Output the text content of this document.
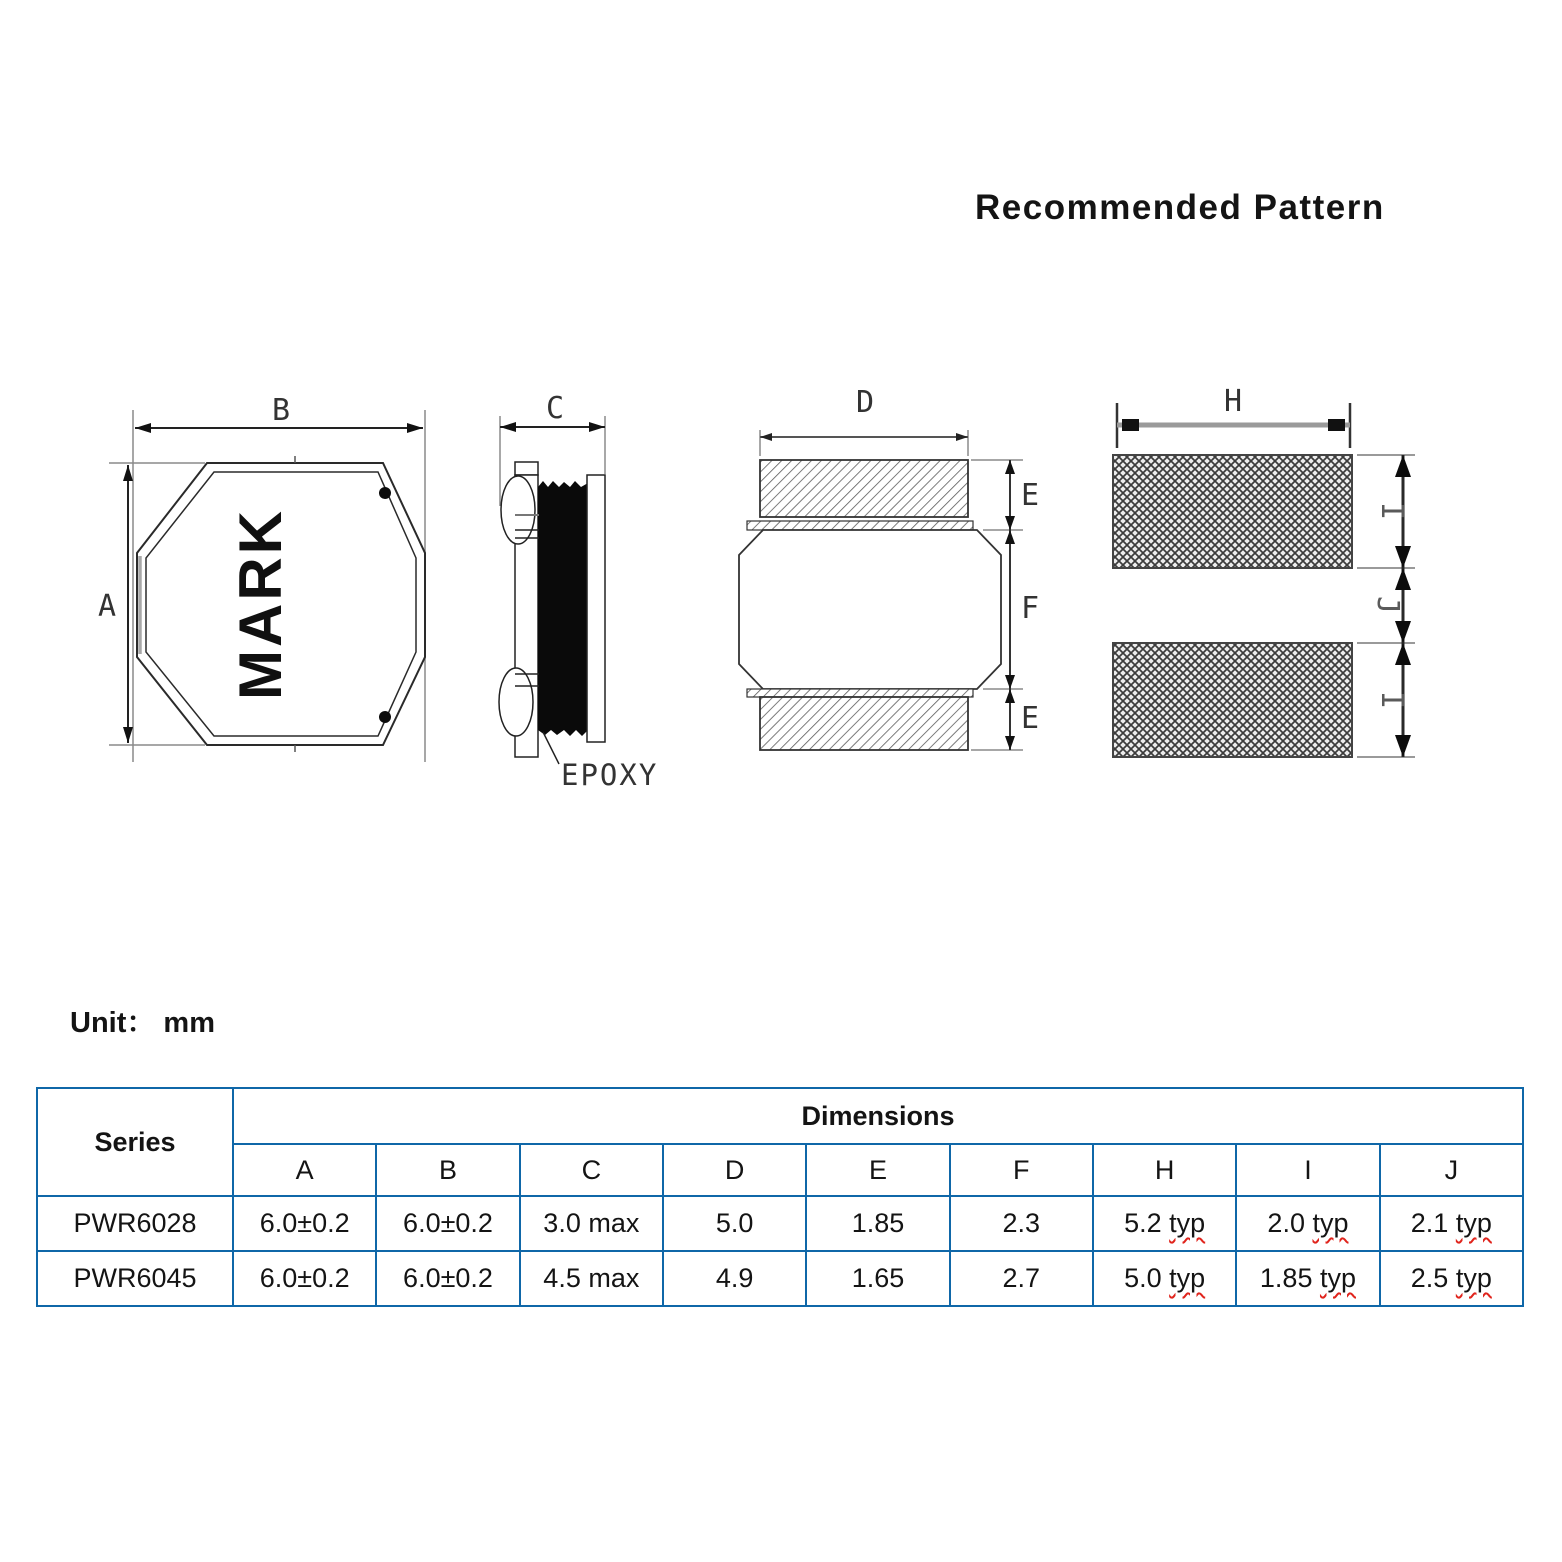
Recommended Pattern
B
A MARK
C
EPOXY
D
E
F
E
H
I
J
I
Unit： mm
Series	Dimensions								
	A	B	C	D	E	F	H	I	J
PWR6028	6.0±0.2	6.0±0.2	3.0 max	5.0	1.85	2.3	5.2 typ	2.0 typ	2.1 typ
PWR6045	6.0±0.2	6.0±0.2	4.5 max	4.9	1.65	2.7	5.0 typ	1.85 typ	2.5 typ
